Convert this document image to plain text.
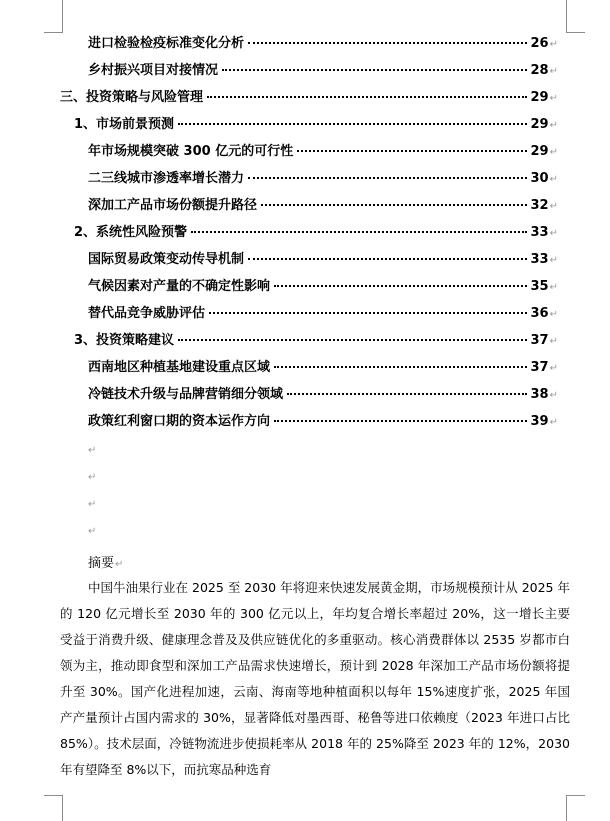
进口检验检疫标准变化分析	26 ↵
乡村振兴项目对接情况	28 ↵
三、投资策略与风险管理	29 ↵
1、市场前景预测	29 ↵
年市场规模突破 300 亿元的可行性	29 ↵
二三线城市渗透率增长潜力	30 ↵
深加工产品市场份额提升路径	32 ↵
2、系统性风险预警	33 ↵
国际贸易政策变动传导机制	33 ↵
气候因素对产量的不确定性影响	35 ↵
替代品竞争威胁评估	36 ↵
3、投资策略建议	37 ↵
西南地区种植基地建设重点区域	37 ↵
冷链技术升级与品牌营销细分领域	38 ↵
政策红利窗口期的资本运作方向	39 ↵
↵
↵
↵
↵
摘要↵
中国牛油果行业在 2025 至 2030 年将迎来快速发展黄金期，市场规模预计从 2025 年的 120 亿元增长至 2030 年的 300 亿元以上，年均复合增长率超过 20%，这一增长主要受益于消费升级、健康理念普及及供应链优化的多重驱动。核心消费群体以 2535 岁都市白领为主，推动即食型和深加工产品需求快速增长，预计到 2028 年深加工产品市场份额将提升至 30%。国产化进程加速，云南、海南等地种植面积以每年 15%速度扩张，2025 年国产产量预计占国内需求的 30%，显著降低对墨西哥、秘鲁等进口依赖度（2023 年进口占比 85%）。技术层面，冷链物流进步使损耗率从 2018 年的 25%降至 2023 年的 12%，2030 年有望降至 8%以下，而抗寒品种选育
